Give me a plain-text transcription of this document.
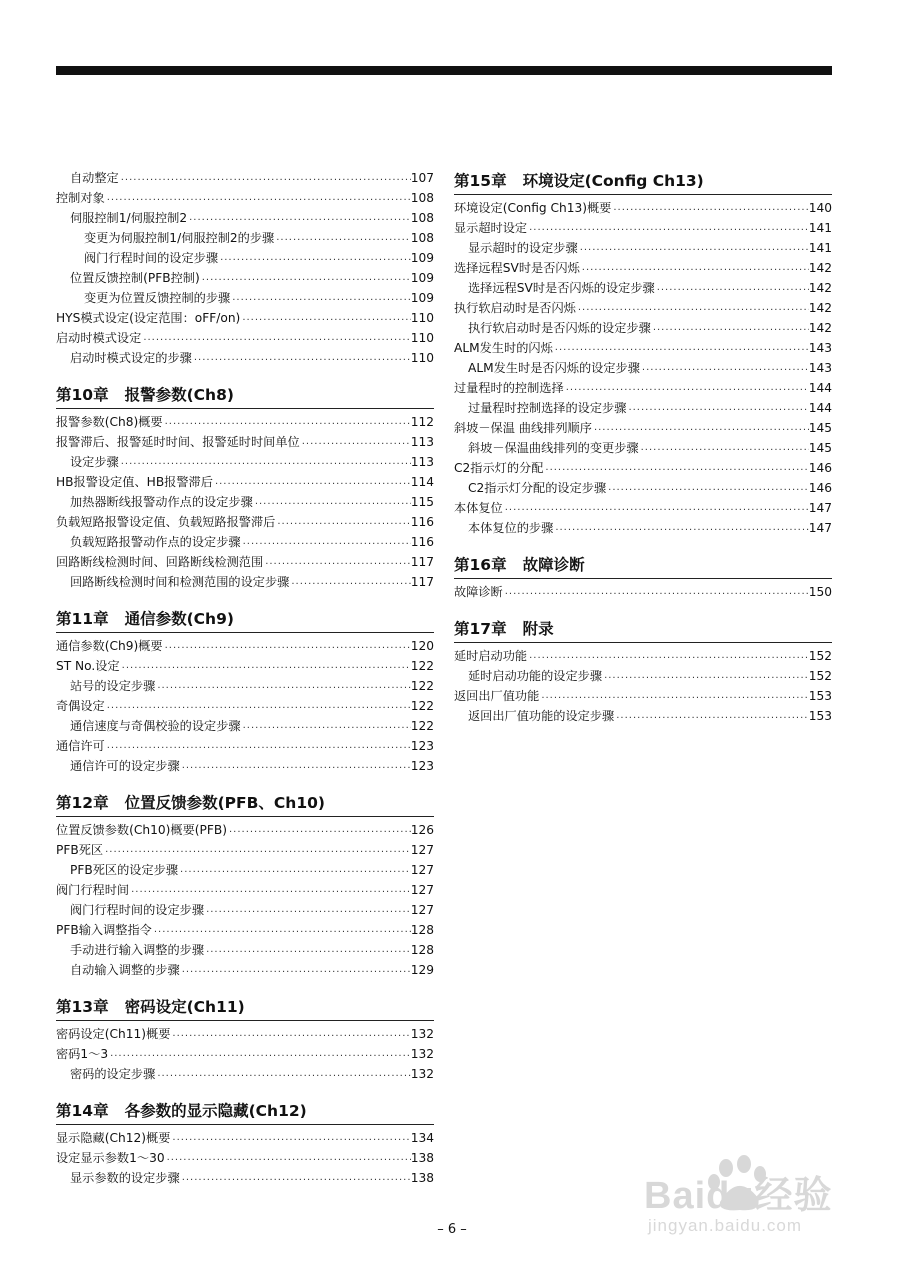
自动整定 .....	107
控制对象 .....	108
伺服控制1/伺服控制2 .....	108
变更为伺服控制1/伺服控制2的步骤 .....	108
阀门行程时间的设定步骤 .....	109
位置反馈控制(PFB控制) .....	109
变更为位置反馈控制的步骤 .....	109
HYS模式设定(设定范围：oFF/on) .....	110
启动时模式设定 .....	110
启动时模式设定的步骤 .....	110
第10章 报警参数(Ch8)
报警参数(Ch8)概要 .....	112
报警滞后、报警延时时间、报警延时时间单位 .....	113
设定步骤 .....	113
HB报警设定值、HB报警滞后 .....	114
加热器断线报警动作点的设定步骤 .....	115
负载短路报警设定值、负载短路报警滞后 .....	116
负载短路报警动作点的设定步骤 .....	116
回路断线检测时间、回路断线检测范围 .....	117
回路断线检测时间和检测范围的设定步骤 .....	117
第11章 通信参数(Ch9)
通信参数(Ch9)概要 .....	120
ST No.设定 .....	122
站号的设定步骤 .....	122
奇偶设定 .....	122
通信速度与奇偶校验的设定步骤 .....	122
通信许可 .....	123
通信许可的设定步骤 .....	123
第12章 位置反馈参数(PFB、Ch10)
位置反馈参数(Ch10)概要(PFB) .....	126
PFB死区 .....	127
PFB死区的设定步骤 .....	127
阀门行程时间 .....	127
阀门行程时间的设定步骤 .....	127
PFB输入调整指令 .....	128
手动进行输入调整的步骤 .....	128
自动输入调整的步骤 .....	129
第13章 密码设定(Ch11)
密码设定(Ch11)概要 .....	132
密码1～3 .....	132
密码的设定步骤 .....	132
第14章 各参数的显示隐藏(Ch12)
显示隐藏(Ch12)概要 .....	134
设定显示参数1～30 .....	138
显示参数的设定步骤 .....	138
第15章 环境设定(Config Ch13)
环境设定(Config Ch13)概要 .....	140
显示超时设定 .....	141
显示超时的设定步骤 .....	141
选择远程SV时是否闪烁 .....	142
选择远程SV时是否闪烁的设定步骤 .....	142
执行软启动时是否闪烁 .....	142
执行软启动时是否闪烁的设定步骤 .....	142
ALM发生时的闪烁 .....	143
ALM发生时是否闪烁的设定步骤 .....	143
过量程时的控制选择 .....	144
过量程时控制选择的设定步骤 .....	144
斜坡－保温 曲线排列顺序 .....	145
斜坡－保温曲线排列的变更步骤 .....	145
C2指示灯的分配 .....	146
C2指示灯分配的设定步骤 .....	146
本体复位 .....	147
本体复位的步骤 .....	147
第16章 故障诊断
故障诊断 .....	150
第17章 附录
延时启动功能 .....	152
延时启动功能的设定步骤 .....	152
返回出厂值功能 .....	153
返回出厂值功能的设定步骤 .....	153
– 6 –
Baidu经验
jingyan.baidu.com
